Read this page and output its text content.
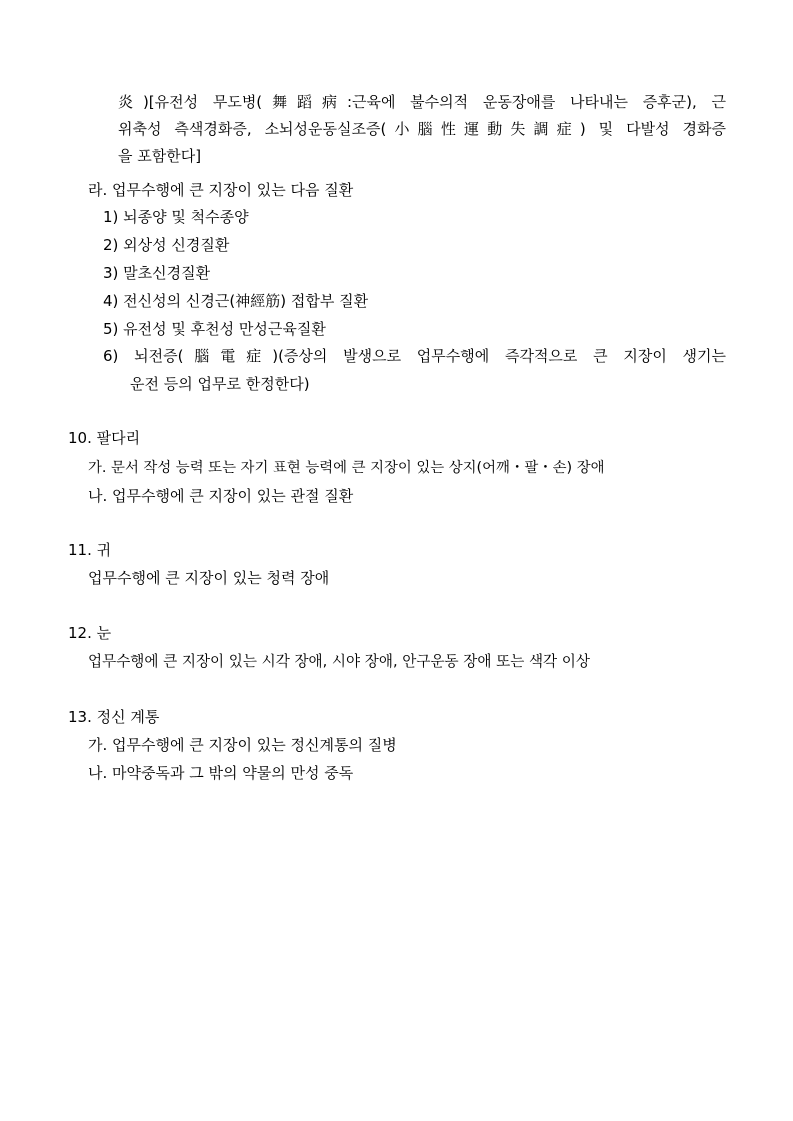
炎)[유전성 무도병(舞蹈病:근육에 불수의적 운동장애를 나타내는 증후군), 근
위축성 측색경화증, 소뇌성운동실조증(小腦性運動失調症) 및 다발성 경화증
을 포함한다]
라. 업무수행에 큰 지장이 있는 다음 질환
1) 뇌종양 및 척수종양
2) 외상성 신경질환
3) 말초신경질환
4) 전신성의 신경근(神經筋) 접합부 질환
5) 유전성 및 후천성 만성근육질환
6) 뇌전증(腦電症)(증상의 발생으로 업무수행에 즉각적으로 큰 지장이 생기는
운전 등의 업무로 한정한다)
10. 팔다리
가. 문서 작성 능력 또는 자기 표현 능력에 큰 지장이 있는 상지(어깨・팔・손) 장애
나. 업무수행에 큰 지장이 있는 관절 질환
11. 귀
업무수행에 큰 지장이 있는 청력 장애
12. 눈
업무수행에 큰 지장이 있는 시각 장애, 시야 장애, 안구운동 장애 또는 색각 이상
13. 정신 계통
가. 업무수행에 큰 지장이 있는 정신계통의 질병
나. 마약중독과 그 밖의 약물의 만성 중독
